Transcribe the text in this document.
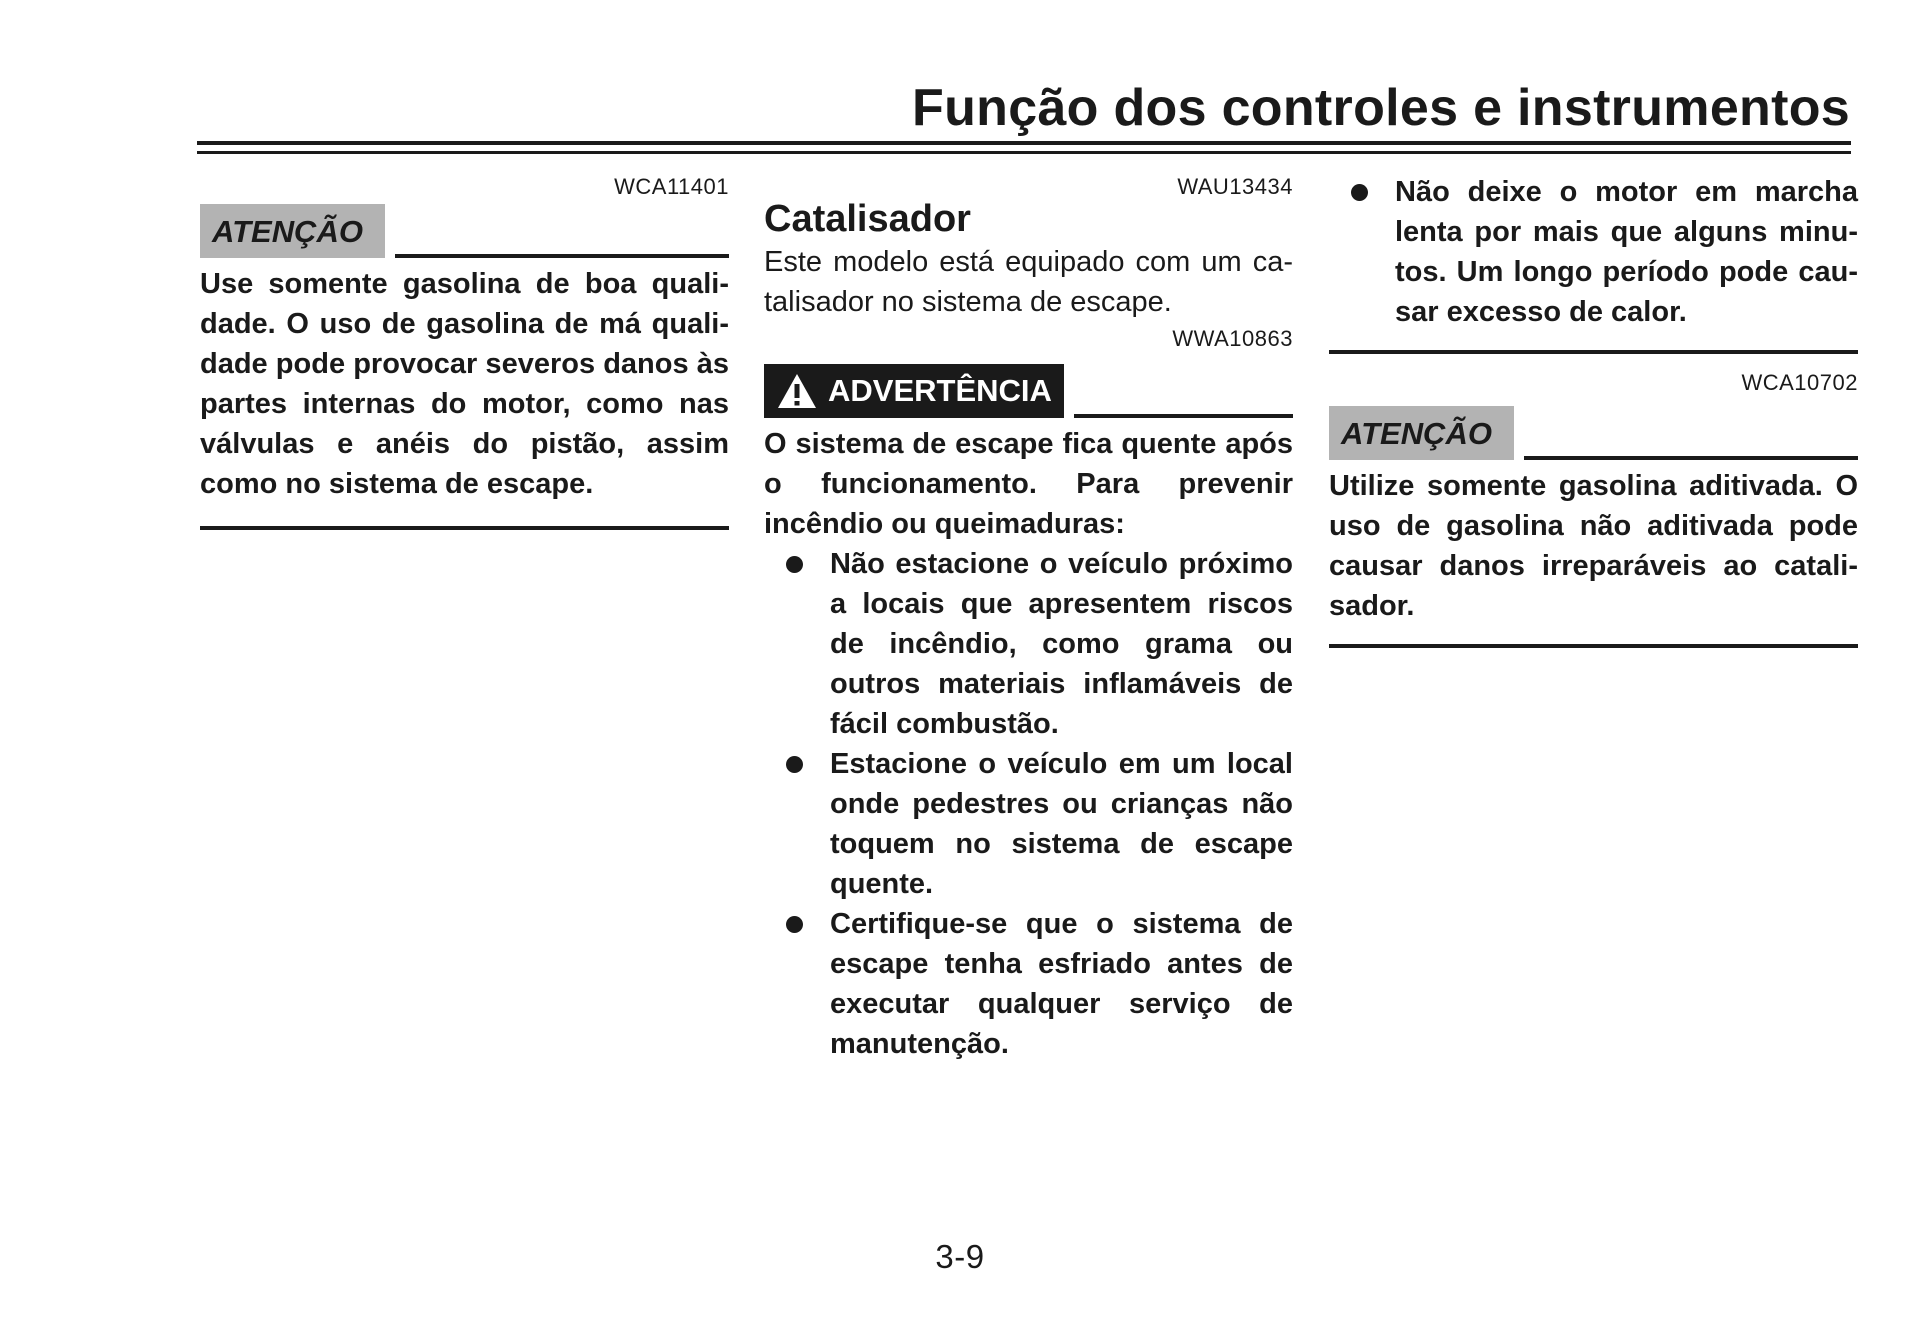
Função dos controles e instrumentos
WCA11401
ATENÇÃO

Use somente gasolina de boa qualidade. O uso de gasolina de má qualidade pode provocar severos danos às partes internas do motor, como nas válvulas e anéis do pistão, assim como no sistema de escape.

WAU13434
Catalisador

Este modelo está equipado com um catalisador no sistema de escape.

WWA10863
ADVERTÊNCIA

O sistema de escape fica quente após o funcionamento. Para prevenir incêndio ou queimaduras:

Não estacione o veículo próximo a locais que apresentem riscos de incêndio, como grama ou outros materiais inflamáveis de fácil combustão.
Estacione o veículo em um local onde pedestres ou crianças não toquem no sistema de escape quente.
Certifique-se que o sistema de escape tenha esfriado antes de executar qualquer serviço de manutenção.
Não deixe o motor em marcha lenta por mais que alguns minutos. Um longo período pode causar excesso de calor.
WCA10702
ATENÇÃO

Utilize somente gasolina aditivada. O uso de gasolina não aditivada pode causar danos irreparáveis ao catalisador.

3-9
